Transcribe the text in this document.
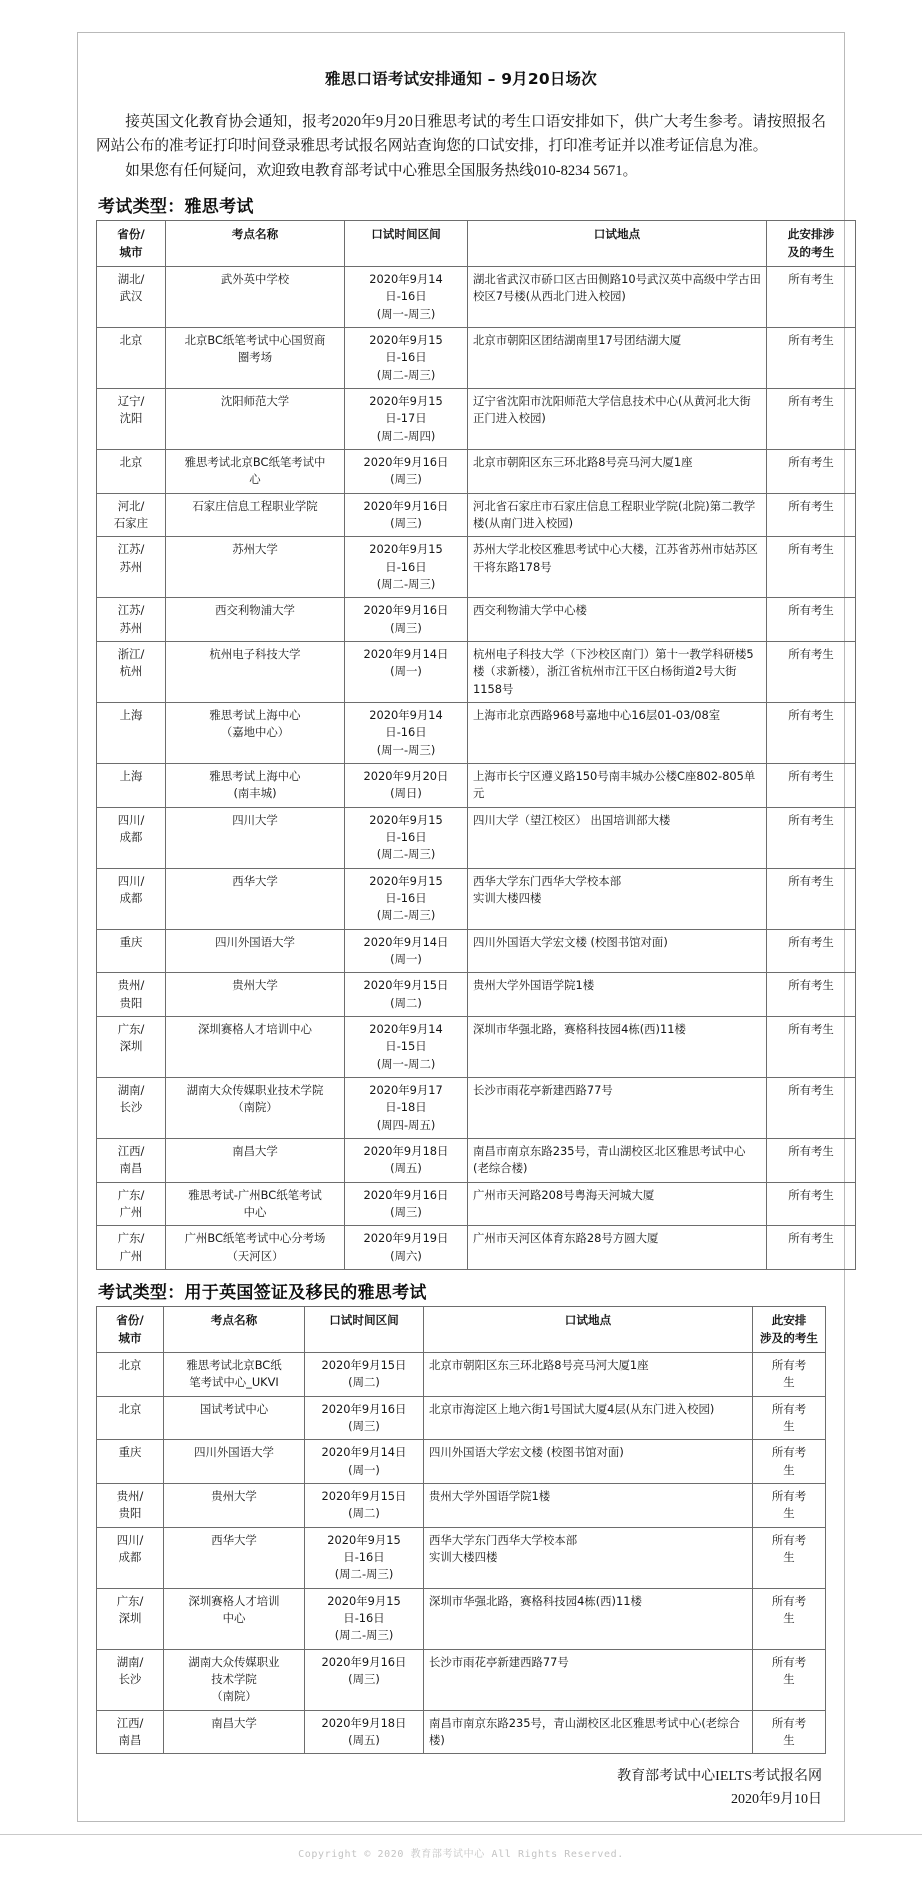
雅思口语考试安排通知 – 9月20日场次

接英国文化教育协会通知，报考2020年9月20日雅思考试的考生口语安排如下，供广大考生参考。请按照报名网站公布的准考证打印时间登录雅思考试报名网站查询您的口试安排，打印准考证并以准考证信息为准。

如果您有任何疑问，欢迎致电教育部考试中心雅思全国服务热线010-8234 5671。

考试类型：雅思考试
省份/
城市	考点名称	口试时间区间	口试地点	此安排涉
及的考生

湖北/
武汉	武外英中学校	2020年9月14
日-16日
(周一-周三)	湖北省武汉市硚口区古田侧路10号武汉英中高级中学古田校区7号楼(从西北门进入校园)	所有考生

北京	北京BC纸笔考试中心国贸商
圈考场	2020年9月15
日-16日
(周二-周三)	北京市朝阳区团结湖南里17号团结湖大厦	所有考生

辽宁/
沈阳	沈阳师范大学	2020年9月15
日-17日
(周二-周四)	辽宁省沈阳市沈阳师范大学信息技术中心(从黄河北大街正门进入校园)	所有考生

北京	雅思考试北京BC纸笔考试中
心	2020年9月16日
(周三)	北京市朝阳区东三环北路8号亮马河大厦1座	所有考生

河北/
石家庄	石家庄信息工程职业学院	2020年9月16日
(周三)	河北省石家庄市石家庄信息工程职业学院(北院)第二教学楼(从南门进入校园)	所有考生

江苏/
苏州	苏州大学	2020年9月15
日-16日
(周二-周三)	苏州大学北校区雅思考试中心大楼，江苏省苏州市姑苏区干将东路178号	所有考生

江苏/
苏州	西交利物浦大学	2020年9月16日
(周三)	西交利物浦大学中心楼	所有考生

浙江/
杭州	杭州电子科技大学	2020年9月14日
(周一)	杭州电子科技大学（下沙校区南门）第十一教学科研楼5楼（求新楼），浙江省杭州市江干区白杨街道2号大街1158号	所有考生

上海	雅思考试上海中心
（嘉地中心）	2020年9月14
日-16日
(周一-周三)	上海市北京西路968号嘉地中心16层01-03/08室	所有考生

上海	雅思考试上海中心
(南丰城)	2020年9月20日
(周日)	上海市长宁区遵义路150号南丰城办公楼C座802-805单元	所有考生

四川/
成都	四川大学	2020年9月15
日-16日
(周二-周三)	四川大学（望江校区） 出国培训部大楼	所有考生

四川/
成都	西华大学	2020年9月15
日-16日
(周二-周三)	西华大学东门西华大学校本部
实训大楼四楼	所有考生

重庆	四川外国语大学	2020年9月14日
(周一)	四川外国语大学宏文楼 (校图书馆对面)	所有考生

贵州/
贵阳	贵州大学	2020年9月15日
(周二)	贵州大学外国语学院1楼	所有考生

广东/
深圳	深圳赛格人才培训中心	2020年9月14
日-15日
(周一-周二)	深圳市华强北路，赛格科技园4栋(西)11楼	所有考生

湖南/
长沙	湖南大众传媒职业技术学院
（南院）	2020年9月17
日-18日
(周四-周五)	长沙市雨花亭新建西路77号	所有考生

江西/
南昌	南昌大学	2020年9月18日
(周五)	南昌市南京东路235号，青山湖校区北区雅思考试中心(老综合楼)	所有考生

广东/
广州	雅思考试-广州BC纸笔考试
中心	2020年9月16日
(周三)	广州市天河路208号粤海天河城大厦	所有考生

广东/
广州	广州BC纸笔考试中心分考场
（天河区）	2020年9月19日
(周六)	广州市天河区体育东路28号方圆大厦	所有考生
考试类型：用于英国签证及移民的雅思考试
省份/
城市	考点名称	口试时间区间	口试地点	此安排
涉及的考生

北京	雅思考试北京BC纸
笔考试中心_UKVI	2020年9月15日
(周二)	北京市朝阳区东三环北路8号亮马河大厦1座	所有考
生

北京	国试考试中心	2020年9月16日
(周三)	北京市海淀区上地六街1号国试大厦4层(从东门进入校园)	所有考
生

重庆	四川外国语大学	2020年9月14日
(周一)	四川外国语大学宏文楼 (校图书馆对面)	所有考
生

贵州/
贵阳	贵州大学	2020年9月15日
(周二)	贵州大学外国语学院1楼	所有考
生

四川/
成都	西华大学	2020年9月15
日-16日
(周二-周三)	西华大学东门西华大学校本部
实训大楼四楼	所有考
生

广东/
深圳	深圳赛格人才培训
中心	2020年9月15
日-16日
(周二-周三)	深圳市华强北路，赛格科技园4栋(西)11楼	所有考
生

湖南/
长沙	湖南大众传媒职业
技术学院
（南院）	2020年9月16日
(周三)	长沙市雨花亭新建西路77号	所有考
生

江西/
南昌	南昌大学	2020年9月18日
(周五)	南昌市南京东路235号，青山湖校区北区雅思考试中心(老综合楼)	所有考
生
教育部考试中心IELTS考试报名网
2020年9月10日
Copyright © 2020 教育部考试中心 All Rights Reserved.
